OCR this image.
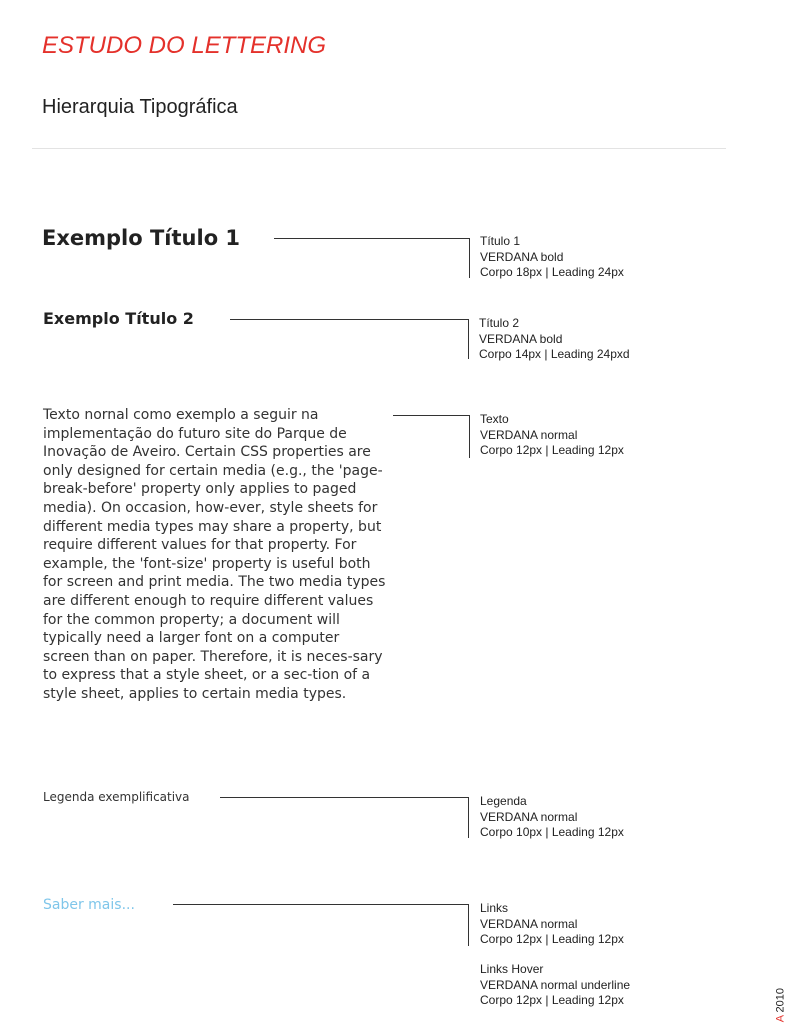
ESTUDO DO LETTERING
Hierarquia Tipográfica
Exemplo Título 1	Título 1
VERDANA bold
Corpo 18px | Leading 24px
Exemplo Título 2	Título 2
VERDANA bold
Corpo 14px | Leading 24pxd
Texto nornal como exemplo a seguir na implementação do futuro site do Parque de Inovação de Aveiro. Certain CSS properties are only designed for certain media (e.g., the 'page-break-before' property only applies to paged media). On occasion, how-ever, style sheets for different media types may share a property, but require different values for that property. For example, the 'font-size' property is useful both for screen and print media. The two media types are different enough to require different values for the common property; a document will typically need a larger font on a computer screen than on paper. Therefore, it is neces-sary to express that a style sheet, or a sec-tion of a style sheet, applies to certain media types.
Texto
VERDANA normal
Corpo 12px | Leading 12px
Legenda exemplificativa	Legenda
VERDANA normal
Corpo 10px | Leading 12px
Saber mais...	Links
VERDANA normal
Corpo 12px | Leading 12px
Links Hover
VERDANA normal underline
Corpo 12px | Leading 12px
A 2010
